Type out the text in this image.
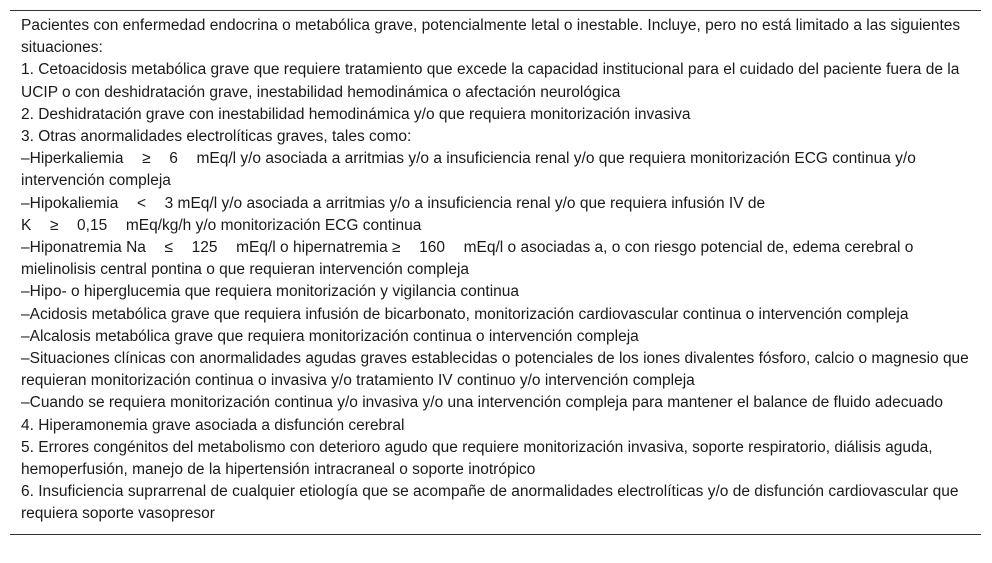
Pacientes con enfermedad endocrina o metabólica grave, potencialmente letal o inestable. Incluye, pero no está limitado a las siguientes situaciones:
1. Cetoacidosis metabólica grave que requiere tratamiento que excede la capacidad institucional para el cuidado del paciente fuera de la UCIP o con deshidratación grave, inestabilidad hemodinámica o afectación neurológica
2. Deshidratación grave con inestabilidad hemodinámica y/o que requiera monitorización invasiva
3. Otras anormalidades electrolíticas graves, tales como:
–Hiperkaliemia  ≥  6  mEq/l y/o asociada a arritmias y/o a insuficiencia renal y/o que requiera monitorización ECG continua y/o intervención compleja
–Hipokaliemia  <  3 mEq/l y/o asociada a arritmias y/o a insuficiencia renal y/o que requiera infusión IV de
K  ≥  0,15  mEq/kg/h y/o monitorización ECG continua
–Hiponatremia Na  ≤  125  mEq/l o hipernatremia ≥  160  mEq/l o asociadas a, o con riesgo potencial de, edema cerebral o mielinolisis central pontina o que requieran intervención compleja
–Hipo- o hiperglucemia que requiera monitorización y vigilancia continua
–Acidosis metabólica grave que requiera infusión de bicarbonato, monitorización cardiovascular continua o intervención compleja
–Alcalosis metabólica grave que requiera monitorización continua o intervención compleja
–Situaciones clínicas con anormalidades agudas graves establecidas o potenciales de los iones divalentes fósforo, calcio o magnesio que requieran monitorización continua o invasiva y/o tratamiento IV continuo y/o intervención compleja
–Cuando se requiera monitorización continua y/o invasiva y/o una intervención compleja para mantener el balance de fluido adecuado
4. Hiperamonemia grave asociada a disfunción cerebral
5. Errores congénitos del metabolismo con deterioro agudo que requiere monitorización invasiva, soporte respiratorio, diálisis aguda, hemoperfusión, manejo de la hipertensión intracraneal o soporte inotrópico
6. Insuficiencia suprarrenal de cualquier etiología que se acompañe de anormalidades electrolíticas y/o de disfunción cardiovascular que requiera soporte vasopresor
